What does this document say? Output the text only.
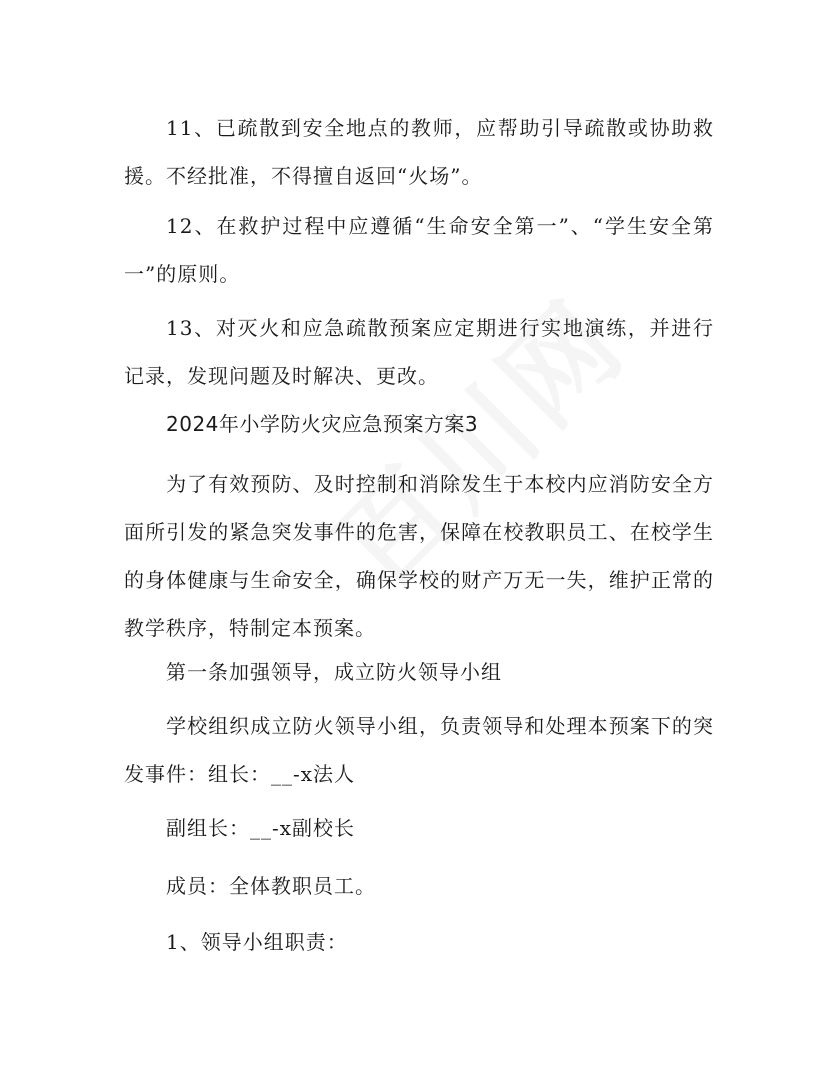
11、已疏散到安全地点的教师，应帮助引导疏散或协助救援。不经批准，不得擅自返回“火场”。

12、在救护过程中应遵循“生命安全第一”、“学生安全第一”的原则。

13、对灭火和应急疏散预案应定期进行实地演练，并进行记录，发现问题及时解决、更改。

2024年小学防火灾应急预案方案3

为了有效预防、及时控制和消除发生于本校内应消防安全方面所引发的紧急突发事件的危害，保障在校教职员工、在校学生的身体健康与生命安全，确保学校的财产万无一失，维护正常的教学秩序，特制定本预案。

第一条加强领导，成立防火领导小组

学校组织成立防火领导小组，负责领导和处理本预案下的突发事件：组长：__-x法人

副组长：__-x副校长

成员：全体教职员工。

1、领导小组职责：
